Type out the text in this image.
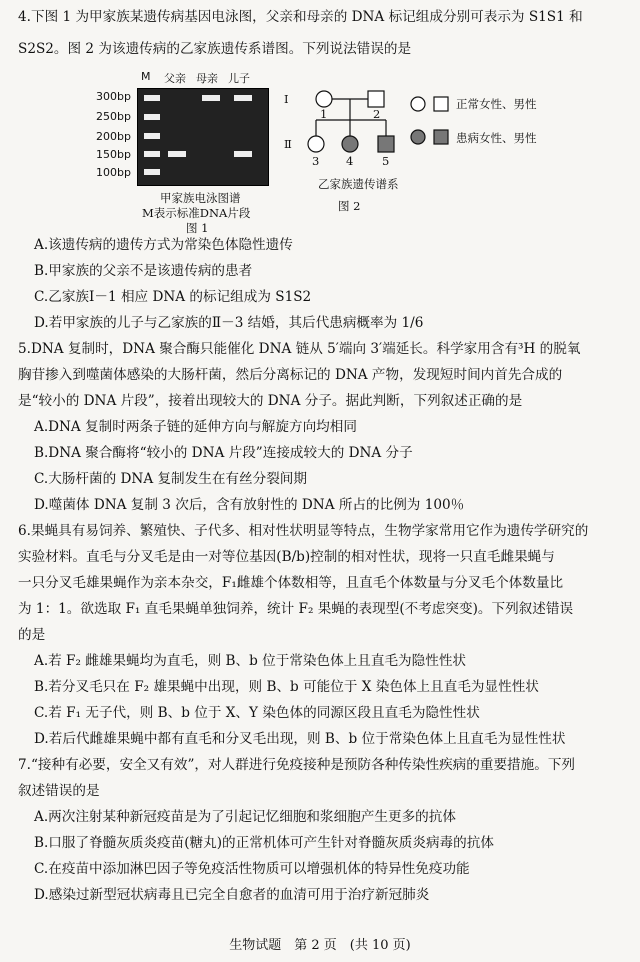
4.下图 1 为甲家族某遗传病基因电泳图，父亲和母亲的 DNA 标记组成分别可表示为 S1S1 和
S2S2。图 2 为该遗传病的乙家族遗传系谱图。下列说法错误的是
M 父亲 母亲 儿子
300bp
250bp
200bp
150bp
100bp
甲家族电泳图谱
M表示标准DNA片段
图 1
Ⅰ
Ⅱ
1	2
3 4 5
正常女性、男性
患病女性、男性
乙家族遗传谱系
图 2
A.该遗传病的遗传方式为常染色体隐性遗传
B.甲家族的父亲不是该遗传病的患者
C.乙家族Ⅰ－1 相应 DNA 的标记组成为 S1S2
D.若甲家族的儿子与乙家族的Ⅱ－3 结婚，其后代患病概率为 1/6
5.DNA 复制时，DNA 聚合酶只能催化 DNA 链从 5′端向 3′端延长。科学家用含有³H 的脱氧
胸苷掺入到噬菌体感染的大肠杆菌，然后分离标记的 DNA 产物，发现短时间内首先合成的
是“较小的 DNA 片段”，接着出现较大的 DNA 分子。据此判断，下列叙述正确的是
A.DNA 复制时两条子链的延伸方向与解旋方向均相同
B.DNA 聚合酶将“较小的 DNA 片段”连接成较大的 DNA 分子
C.大肠杆菌的 DNA 复制发生在有丝分裂间期
D.噬菌体 DNA 复制 3 次后，含有放射性的 DNA 所占的比例为 100％
6.果蝇具有易饲养、繁殖快、子代多、相对性状明显等特点，生物学家常用它作为遗传学研究的
实验材料。直毛与分叉毛是由一对等位基因(B/b)控制的相对性状，现将一只直毛雌果蝇与
一只分叉毛雄果蝇作为亲本杂交，F₁雌雄个体数相等，且直毛个体数量与分叉毛个体数量比
为 1：1。欲选取 F₁ 直毛果蝇单独饲养，统计 F₂ 果蝇的表现型(不考虑突变)。下列叙述错误
的是
A.若 F₂ 雌雄果蝇均为直毛，则 B、b 位于常染色体上且直毛为隐性性状
B.若分叉毛只在 F₂ 雄果蝇中出现，则 B、b 可能位于 X 染色体上且直毛为显性性状
C.若 F₁ 无子代，则 B、b 位于 X、Y 染色体的同源区段且直毛为隐性性状
D.若后代雌雄果蝇中都有直毛和分叉毛出现，则 B、b 位于常染色体上且直毛为显性性状
7.“接种有必要，安全又有效”，对人群进行免疫接种是预防各种传染性疾病的重要措施。下列
叙述错误的是
A.两次注射某种新冠疫苗是为了引起记忆细胞和浆细胞产生更多的抗体
B.口服了脊髓灰质炎疫苗(糖丸)的正常机体可产生针对脊髓灰质炎病毒的抗体
C.在疫苗中添加淋巴因子等免疫活性物质可以增强机体的特异性免疫功能
D.感染过新型冠状病毒且已完全自愈者的血清可用于治疗新冠肺炎
生物试题　第 2 页　(共 10 页)
